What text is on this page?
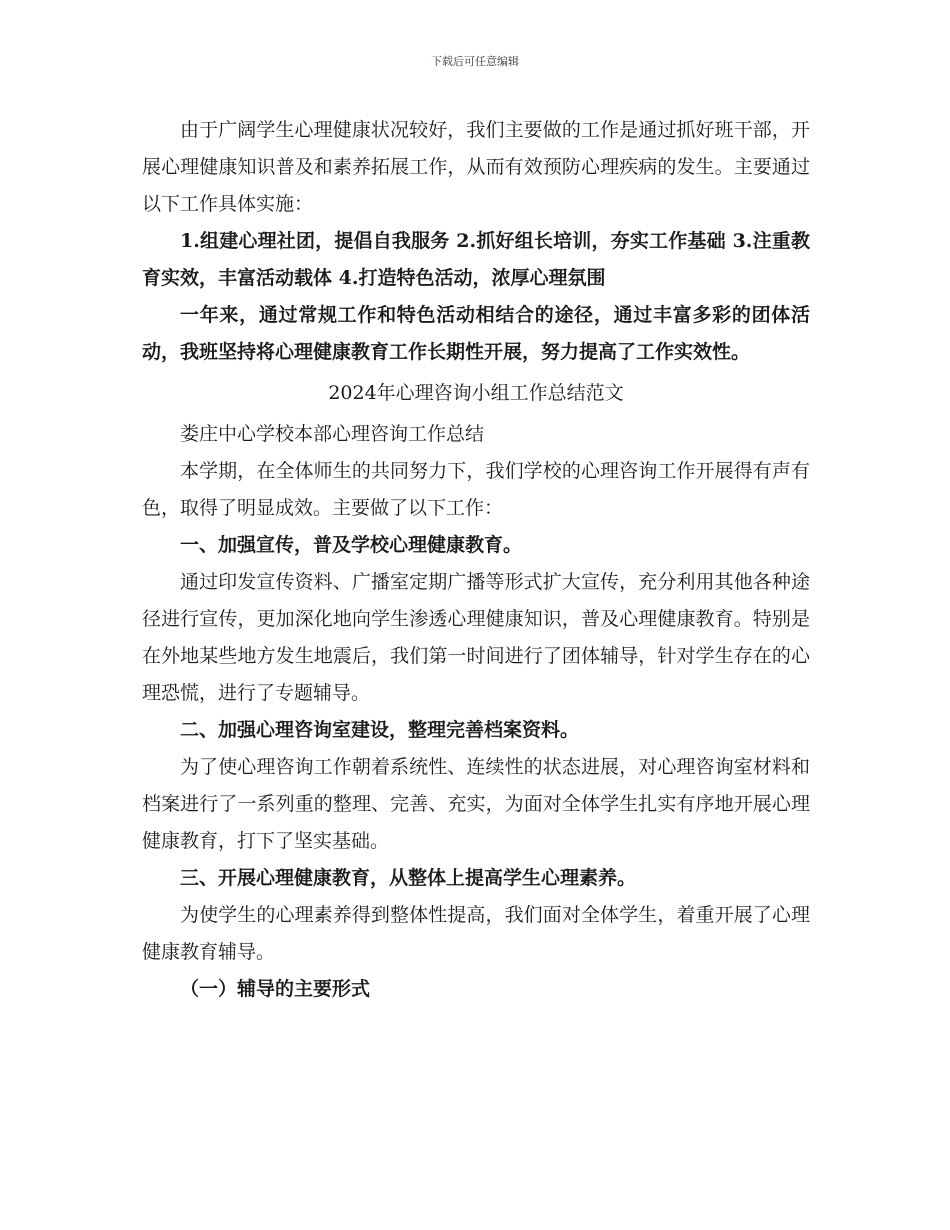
下载后可任意编辑

由于广阔学生心理健康状况较好，我们主要做的工作是通过抓好班干部，开展心理健康知识普及和素养拓展工作，从而有效预防心理疾病的发生。主要通过以下工作具体实施：

1.组建心理社团，提倡自我服务 2.抓好组长培训，夯实工作基础 3.注重教育实效，丰富活动载体 4.打造特色活动，浓厚心理氛围

一年来，通过常规工作和特色活动相结合的途径，通过丰富多彩的团体活动，我班坚持将心理健康教育工作长期性开展，努力提高了工作实效性。

2024年心理咨询小组工作总结范文

娄庄中心学校本部心理咨询工作总结

本学期，在全体师生的共同努力下，我们学校的心理咨询工作开展得有声有色，取得了明显成效。主要做了以下工作：

一、加强宣传，普及学校心理健康教育。

通过印发宣传资料、广播室定期广播等形式扩大宣传，充分利用其他各种途径进行宣传，更加深化地向学生渗透心理健康知识，普及心理健康教育。特别是在外地某些地方发生地震后，我们第一时间进行了团体辅导，针对学生存在的心理恐慌，进行了专题辅导。

二、加强心理咨询室建设，整理完善档案资料。

为了使心理咨询工作朝着系统性、连续性的状态进展，对心理咨询室材料和档案进行了一系列重的整理、完善、充实，为面对全体学生扎实有序地开展心理健康教育，打下了坚实基础。

三、开展心理健康教育，从整体上提高学生心理素养。

为使学生的心理素养得到整体性提高，我们面对全体学生，着重开展了心理健康教育辅导。

（一）辅导的主要形式
